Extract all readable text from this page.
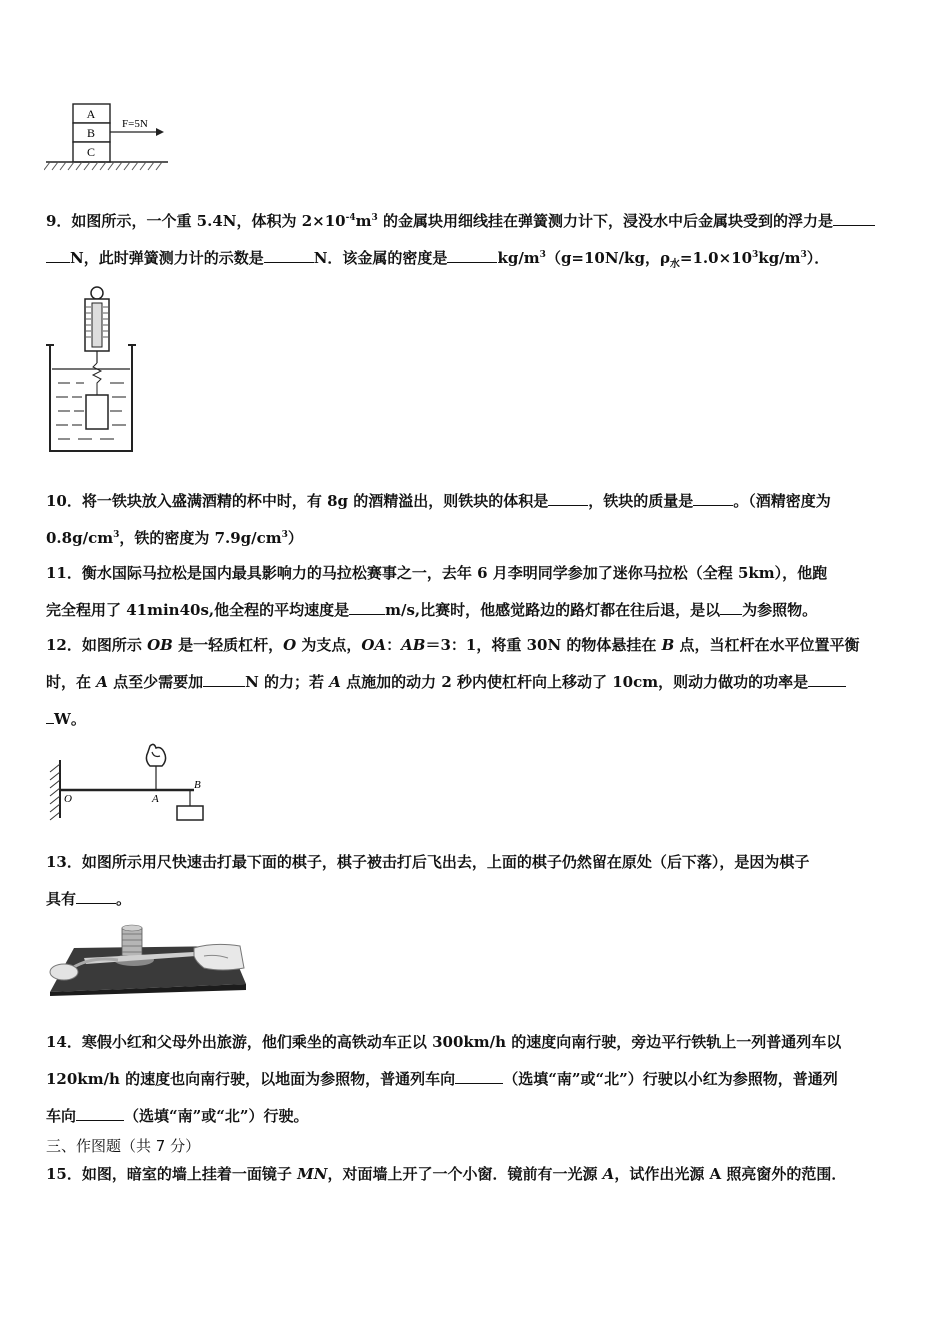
A
B
C
F=5N
9．如图所示，一个重 5.4N，体积为 $2\times 10^{-4}m^3$ 的金属块用细线挂在弹簧测力计下，浸没水中后金属块受到的浮力是
N，此时弹簧测力计的示数是	N．该金属的密度是	$kg/m^3(g=10N/kg$，$\rho_水=1.0\times 10^3kg/m^3$）．
10．将一铁块放入盛满酒精的杯中时，有 8g 的酒精溢出，则铁块的体积是	，铁块的质量是	。（酒精密度为
$0.8g/cm^3$，铁的密度为 $7.9g/cm^3$）
11．衡水国际马拉松是国内最具影响力的马拉松赛事之一，去年 6 月李明同学参加了迷你马拉松（全程 5km），他跑
完全程用了 41min40s,他全程的平均速度是 m/s,比赛时，他感觉路边的路灯都在往后退，是以 为参照物。
12．如图所示 OB 是一轻质杠杆，O 为支点，OA：AB＝3：1，将重 30N 的物体悬挂在 B 点，当杠杆在水平位置平衡
时，在 A 点至少需要加	N 的力；若 A 点施加的动力 2 秒内使杠杆向上移动了 10cm，则动力做功的功率是
W。
O	A
B
13．如图所示用尺快速击打最下面的棋子，棋子被击打后飞出去，上面的棋子仍然留在原处（后下落），是因为棋子
具有	。
14．寒假小红和父母外出旅游，他们乘坐的高铁动车正以 300km/h 的速度向南行驶，旁边平行铁轨上一列普通列车以
120km/h 的速度也向南行驶，以地面为参照物，普通列车向	（选填“南”或“北”）行驶以小红为参照物，普通列
车向	（选填“南”或“北”）行驶。
三、作图题（共 7 分）
15．如图，暗室的墙上挂着一面镜子 MN，对面墙上开了一个小窗．镜前有一光源 A，试作出光源 A 照亮窗外的范围．
